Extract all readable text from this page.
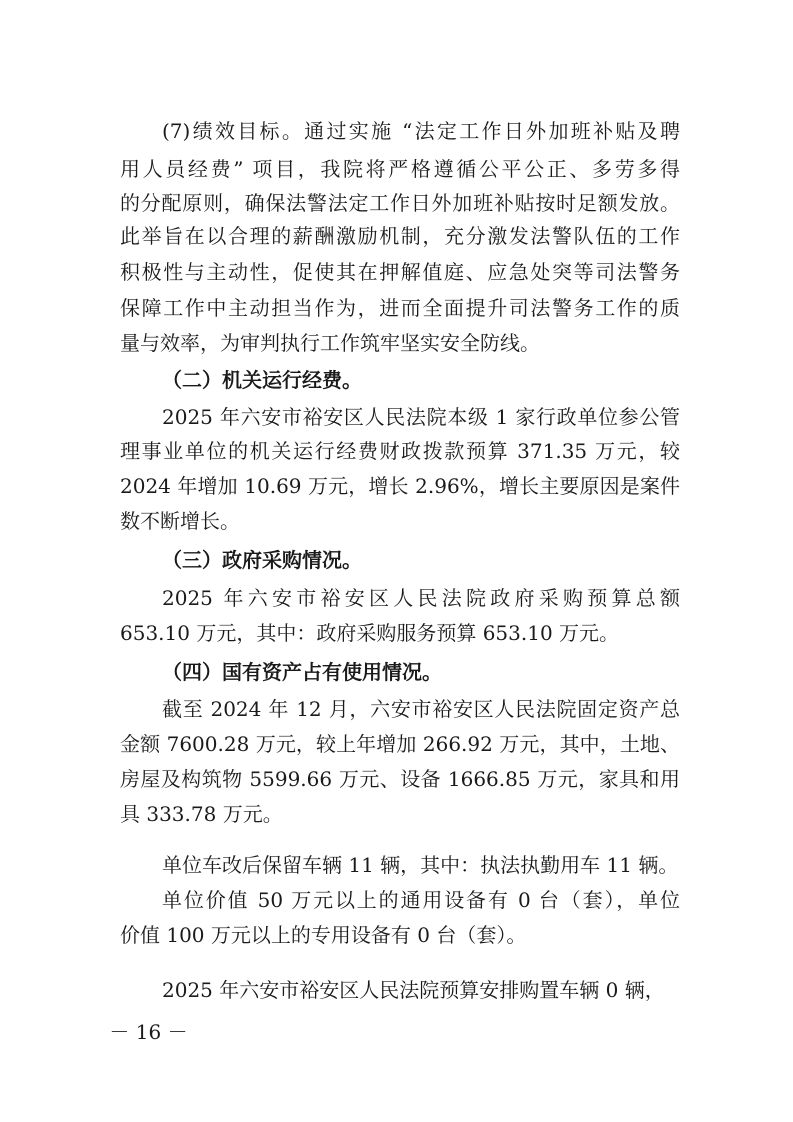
(7)绩效目标。通过实施 “法定工作日外加班补贴及聘
用人员经费” 项目，我院将严格遵循公平公正、多劳多得
的分配原则，确保法警法定工作日外加班补贴按时足额发放。
此举旨在以合理的薪酬激励机制，充分激发法警队伍的工作
积极性与主动性，促使其在押解值庭、应急处突等司法警务
保障工作中主动担当作为，进而全面提升司法警务工作的质
量与效率，为审判执行工作筑牢坚实安全防线。
（二）机关运行经费。
2025 年六安市裕安区人民法院本级 1 家行政单位参公管
理事业单位的机关运行经费财政拨款预算 371.35 万元，较
2024 年增加 10.69 万元，增长 2.96%，增长主要原因是案件
数不断增长。
（三）政府采购情况。
2025 年六安市裕安区人民法院政府采购预算总额
653.10 万元，其中：政府采购服务预算 653.10 万元。
（四）国有资产占有使用情况。
截至 2024 年 12 月，六安市裕安区人民法院固定资产总
金额 7600.28 万元，较上年增加 266.92 万元，其中，土地、
房屋及构筑物 5599.66 万元、设备 1666.85 万元，家具和用
具 333.78 万元。
单位车改后保留车辆 11 辆，其中：执法执勤用车 11 辆。
单位价值 50 万元以上的通用设备有 0 台（套），单位
价值 100 万元以上的专用设备有 0 台（套）。
2025 年六安市裕安区人民法院预算安排购置车辆 0 辆，
－ 16 －
